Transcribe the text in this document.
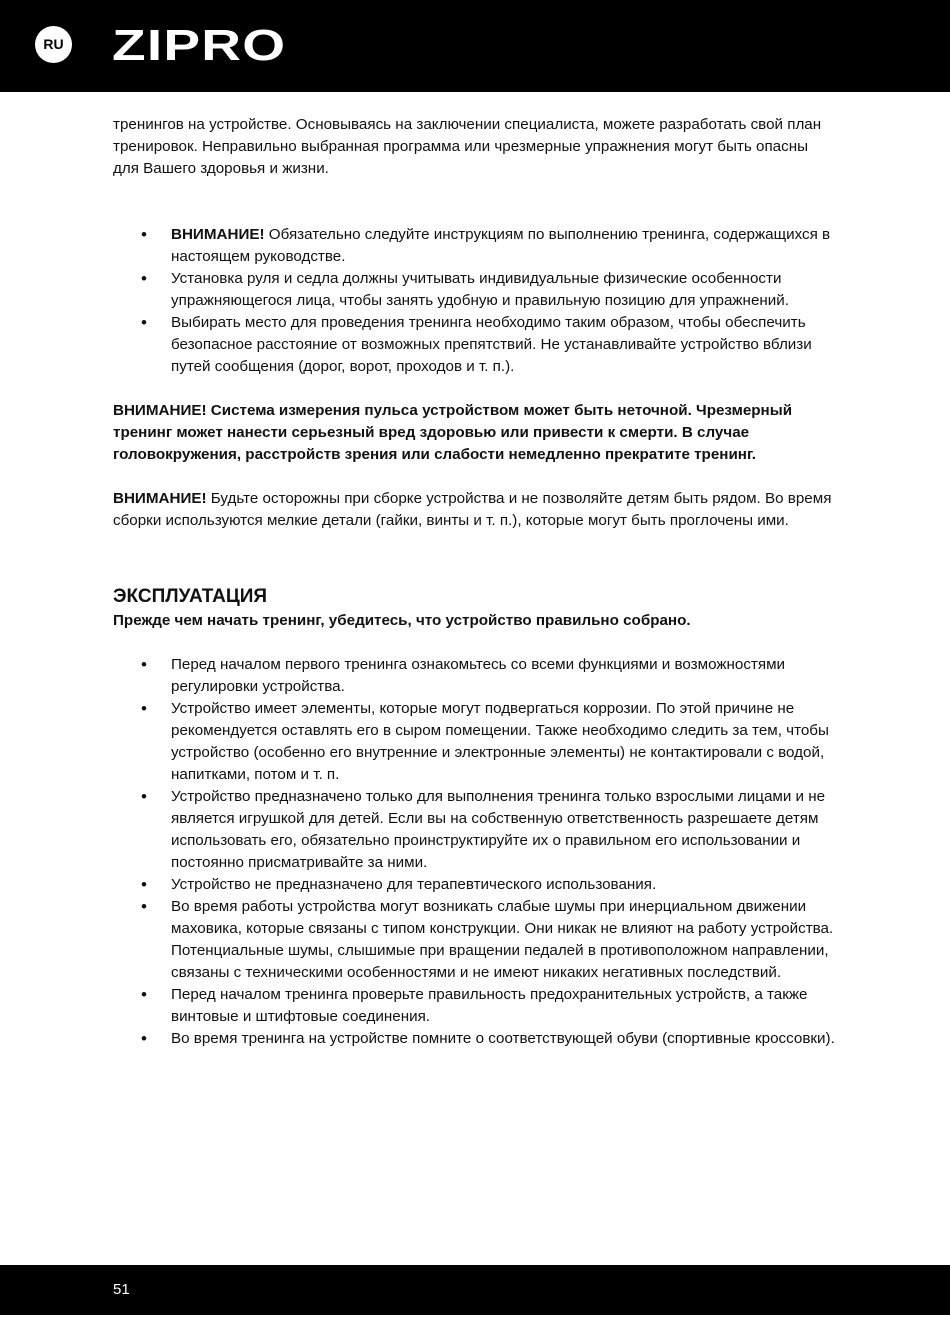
RU ZIPRO

тренингов на устройстве. Основываясь на заключении специалиста, можете разработать свой план тренировок. Неправильно выбранная программа или чрезмерные упражнения могут быть опасны для Вашего здоровья и жизни.

• ВНИМАНИЕ! Обязательно следуйте инструкциям по выполнению тренинга, содержащихся в настоящем руководстве.
• Установка руля и седла должны учитывать индивидуальные физические особенности упражняющегося лица, чтобы занять удобную и правильную позицию для упражнений.
• Выбирать место для проведения тренинга необходимо таким образом, чтобы обеспечить безопасное расстояние от возможных препятствий. Не устанавливайте устройство вблизи путей сообщения (дорог, ворот, проходов и т. п.).

ВНИМАНИЕ! Система измерения пульса устройством может быть неточной. Чрезмерный тренинг может нанести серьезный вред здоровью или привести к смерти. В случае головокружения, расстройств зрения или слабости немедленно прекратите тренинг.

ВНИМАНИЕ! Будьте осторожны при сборке устройства и не позволяйте детям быть рядом. Во время сборки используются мелкие детали (гайки, винты и т. п.), которые могут быть проглочены ими.

ЭКСПЛУАТАЦИЯ

Прежде чем начать тренинг, убедитесь, что устройство правильно собрано.

• Перед началом первого тренинга ознакомьтесь со всеми функциями и возможностями регулировки устройства.
• Устройство имеет элементы, которые могут подвергаться коррозии. По этой причине не рекомендуется оставлять его в сыром помещении. Также необходимо следить за тем, чтобы устройство (особенно его внутренние и электронные элементы) не контактировали с водой, напитками, потом и т. п.
• Устройство предназначено только для выполнения тренинга только взрослыми лицами и не является игрушкой для детей. Если вы на собственную ответственность разрешаете детям использовать его, обязательно проинструктируйте их о правильном его использовании и постоянно присматривайте за ними.
• Устройство не предназначено для терапевтического использования.
• Во время работы устройства могут возникать слабые шумы при инерциальном движении маховика, которые связаны с типом конструкции. Они никак не влияют на работу устройства. Потенциальные шумы, слышимые при вращении педалей в противоположном направлении, связаны с техническими особенностями и не имеют никаких негативных последствий.
• Перед началом тренинга проверьте правильность предохранительных устройств, а также винтовые и штифтовые соединения.
• Во время тренинга на устройстве помните о соответствующей обуви (спортивные кроссовки).
51
